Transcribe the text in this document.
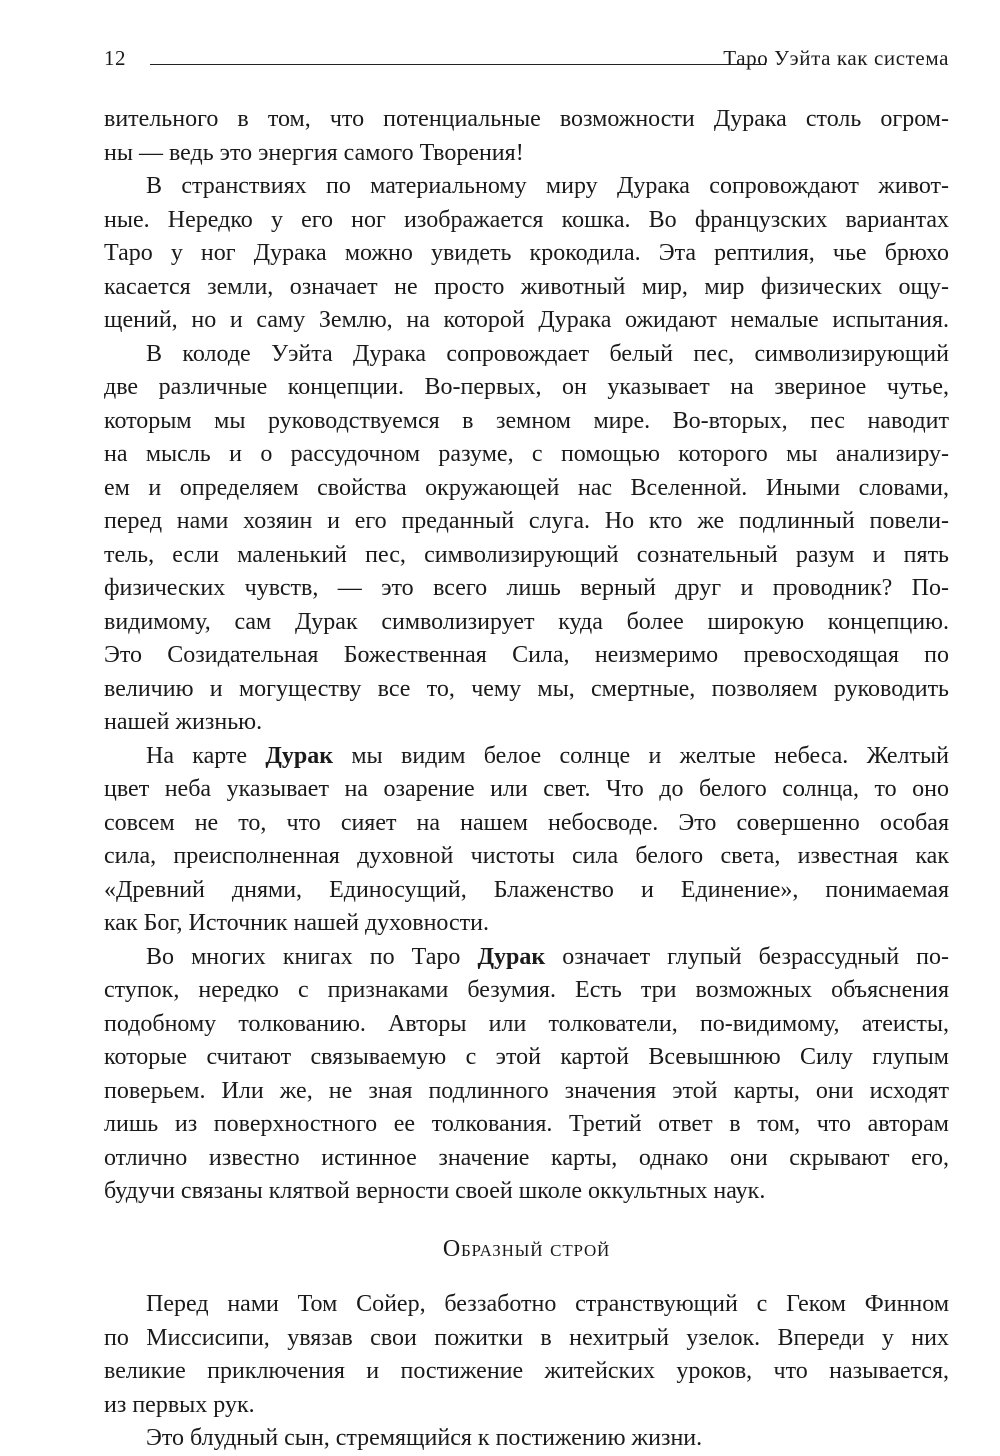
12	Таро Уэйта как система

вительного в том, что потенциальные возможности Дурака столь огром-
ны — ведь это энергия самого Творения!

В странствиях по материальному миру Дурака сопровождают живот-
ные. Нередко у его ног изображается кошка. Во французских вариантах
Таро у ног Дурака можно увидеть крокодила. Эта рептилия, чье брюхо
касается земли, означает не просто животный мир, мир физических ощу-
щений, но и саму Землю, на которой Дурака ожидают немалые испытания.

В колоде Уэйта Дурака сопровождает белый пес, символизирующий
две различные концепции. Во-первых, он указывает на звериное чутье,
которым мы руководствуемся в земном мире. Во-вторых, пес наводит
на мысль и о рассудочном разуме, с помощью которого мы анализиру-
ем и определяем свойства окружающей нас Вселенной. Иными словами,
перед нами хозяин и его преданный слуга. Но кто же подлинный повели-
тель, если маленький пес, символизирующий сознательный разум и пять
физических чувств, — это всего лишь верный друг и проводник? По-
видимому, сам Дурак символизирует куда более широкую концепцию.
Это Созидательная Божественная Сила, неизмеримо превосходящая по
величию и могуществу все то, чему мы, смертные, позволяем руководить
нашей жизнью.

На карте Дурак мы видим белое солнце и желтые небеса. Желтый
цвет неба указывает на озарение или свет. Что до белого солнца, то оно
совсем не то, что сияет на нашем небосводе. Это совершенно особая
сила, преисполненная духовной чистоты сила белого света, известная как
«Древний днями, Единосущий, Блаженство и Единение», понимаемая
как Бог, Источник нашей духовности.

Во многих книгах по Таро Дурак означает глупый безрассудный по-
ступок, нередко с признаками безумия. Есть три возможных объяснения
подобному толкованию. Авторы или толкователи, по-видимому, атеисты,
которые считают связываемую с этой картой Всевышнюю Силу глупым
поверьем. Или же, не зная подлинного значения этой карты, они исходят
лишь из поверхностного ее толкования. Третий ответ в том, что авторам
отлично известно истинное значение карты, однако они скрывают его,
будучи связаны клятвой верности своей школе оккультных наук.

Образный строй

Перед нами Том Сойер, беззаботно странствующий с Геком Финном
по Миссисипи, увязав свои пожитки в нехитрый узелок. Впереди у них
великие приключения и постижение житейских уроков, что называется,
из первых рук.

Это блудный сын, стремящийся к постижению жизни.
